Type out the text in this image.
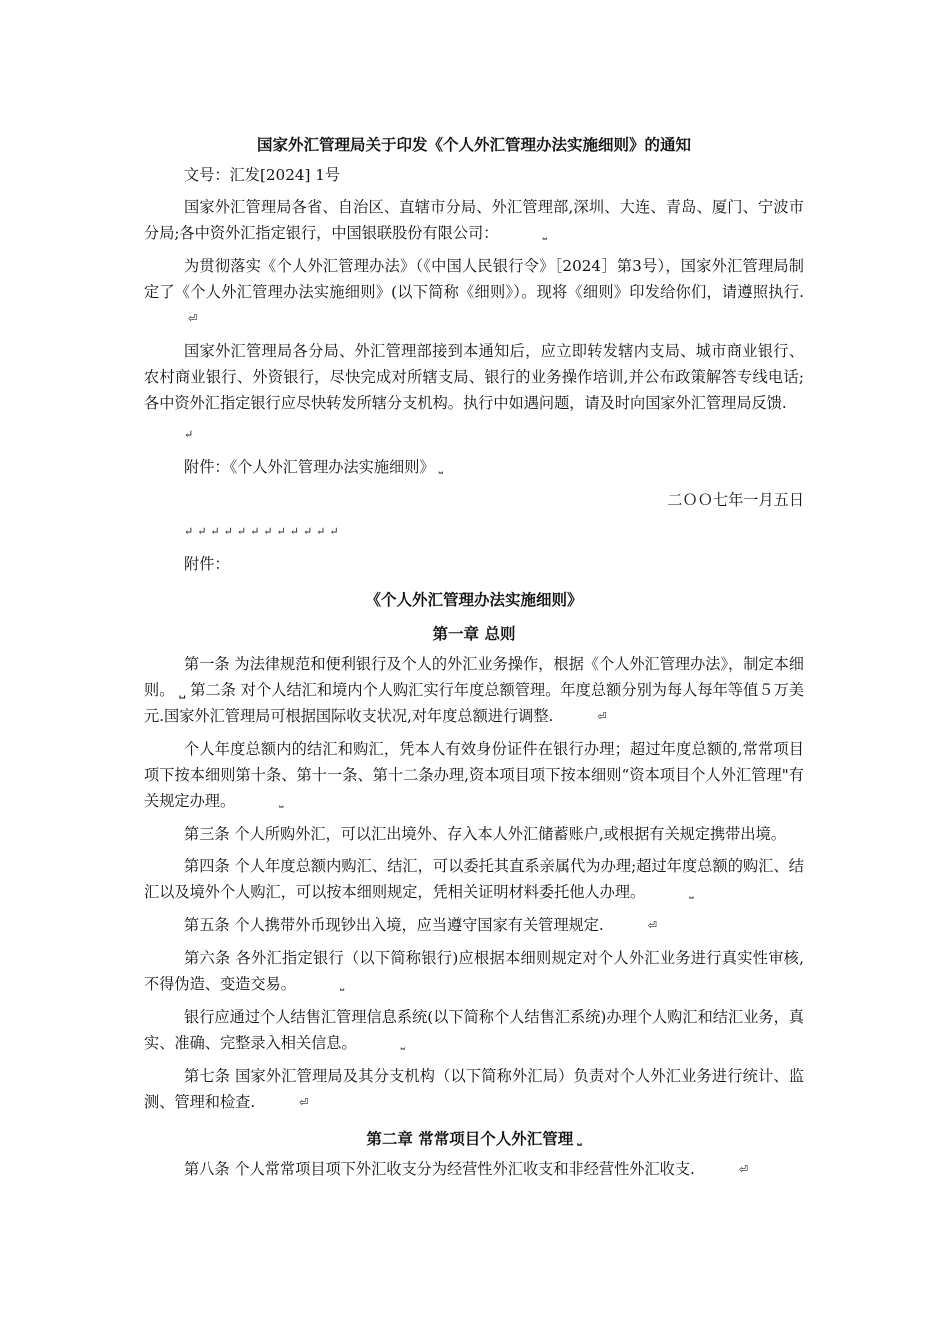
国家外汇管理局关于印发《个人外汇管理办法实施细则》的通知

文号：汇发[2024] 1号

国家外汇管理局各省、自治区、直辖市分局、外汇管理部,深圳、大连、青岛、厦门、宁波市分局;各中资外汇指定银行，中国银联股份有限公司：	⎵

为贯彻落实《个人外汇管理办法》（《中国人民银行令》［2024］第3号），国家外汇管理局制定了《个人外汇管理办法实施细则》(以下简称《细则》）。现将《细则》印发给你们，请遵照执行.⏎

国家外汇管理局各分局、外汇管理部接到本通知后，应立即转发辖内支局、城市商业银行、农村商业银行、外资银行，尽快完成对所辖支局、银行的业务操作培训,并公布政策解答专线电话;各中资外汇指定银行应尽快转发所辖分支机构。执行中如遇问题，请及时向国家外汇管理局反馈.

↵

附件：《个人外汇管理办法实施细则》 ⎵

二ＯＯ七年一月五日

↵↵↵↵↵↵↵↵↵↵↵↵

附件：

《个人外汇管理办法实施细则》
第一章 总则

第一条 为法律规范和便利银行及个人的外汇业务操作，根据《个人外汇管理办法》，制定本细则。 ⎵ 第二条 对个人结汇和境内个人购汇实行年度总额管理。年度总额分别为每人每年等值５万美元.国家外汇管理局可根据国际收支状况,对年度总额进行调整.	⏎

个人年度总额内的结汇和购汇，凭本人有效身份证件在银行办理；超过年度总额的,常常项目项下按本细则第十条、第十一条、第十二条办理,资本项目项下按本细则“资本项目个人外汇管理"有关规定办理。	⎵

第三条 个人所购外汇，可以汇出境外、存入本人外汇储蓄账户,或根据有关规定携带出境。

第四条 个人年度总额内购汇、结汇，可以委托其直系亲属代为办理;超过年度总额的购汇、结汇以及境外个人购汇，可以按本细则规定，凭相关证明材料委托他人办理。	⎵

第五条 个人携带外币现钞出入境，应当遵守国家有关管理规定.	⏎

第六条 各外汇指定银行（以下简称银行)应根据本细则规定对个人外汇业务进行真实性审核,不得伪造、变造交易。	⎵

银行应通过个人结售汇管理信息系统(以下简称个人结售汇系统)办理个人购汇和结汇业务，真实、准确、完整录入相关信息。	⎵

第七条 国家外汇管理局及其分支机构（以下简称外汇局）负责对个人外汇业务进行统计、监测、管理和检查.	⏎

第二章 常常项目个人外汇管理 ⎵

第八条 个人常常项目项下外汇收支分为经营性外汇收支和非经营性外汇收支.	⏎
